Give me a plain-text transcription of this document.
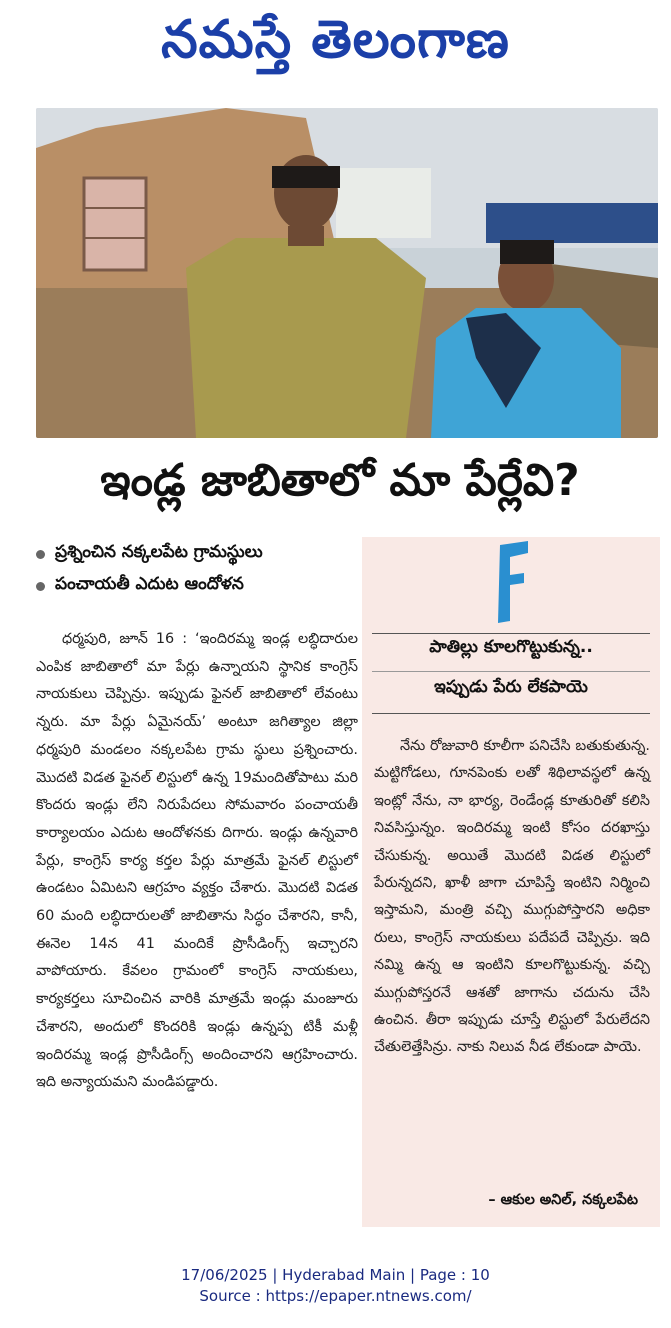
నమస్తే తెలంగాణ
ఇండ్ల జాబితాలో మా పేర్లేవి?
ప్రశ్నించిన నక్కలపేట గ్రామస్థులు
పంచాయతీ ఎదుట ఆందోళన

ధర్మపురి, జూన్ 16 : ‘ఇందిరమ్మ ఇండ్ల లబ్ధిదారుల ఎంపిక జాబితాలో మా పేర్లు ఉన్నాయని స్థానిక కాంగ్రెస్ నాయకులు చెప్పిన్రు. ఇప్పుడు ఫైనల్ జాబితాలో లేవంటు న్నరు. మా పేర్లు ఏమైనయ్’ అంటూ జగిత్యాల జిల్లా ధర్మపురి మండలం నక్కలపేట గ్రామ స్థులు ప్రశ్నించారు. మొదటి విడత ఫైనల్ లిస్టులో ఉన్న 19మందితోపాటు మరి కొందరు ఇండ్లు లేని నిరుపేదలు సోమవారం పంచాయతీ కార్యాలయం ఎదుట ఆందోళనకు దిగారు. ఇండ్లు ఉన్నవారి పేర్లు, కాంగ్రెస్ కార్య కర్తల పేర్లు మాత్రమే ఫైనల్ లిస్టులో ఉండటం ఏమిటని ఆగ్రహం వ్యక్తం చేశారు. మొదటి విడత 60 మంది లబ్ధిదారులతో జాబితాను సిద్ధం చేశారని, కానీ, ఈనెల 14న 41 మందికే ప్రొసీడింగ్స్ ఇచ్చారని వాపోయారు. కేవలం గ్రామంలో కాంగ్రెస్ నాయకులు, కార్యకర్తలు సూచించిన వారికి మాత్రమే ఇండ్లు మంజూరు చేశారని, అందులో కొందరికి ఇండ్లు ఉన్నప్ప టికీ మళ్లీ ఇందిరమ్మ ఇండ్ల ప్రొసీడింగ్స్ అందించారని ఆగ్రహించారు. ఇది అన్యాయమని మండిపడ్డారు.

పాతిల్లు కూలగొట్టుకున్న..
ఇప్పుడు పేరు లేకపాయె

నేను రోజువారి కూలీగా పనిచేసి బతుకుతున్న. మట్టిగోడలు, గూనపెంకు లతో శిథిలావస్థలో ఉన్న ఇంట్లో నేను, నా భార్య, రెండేండ్ల కూతురితో కలిసి నివసిస్తున్నం. ఇందిరమ్మ ఇంటి కోసం దరఖాస్తు చేసుకున్న. అయితే మొదటి విడత లిస్టులో పేరున్నదని, ఖాళీ జాగా చూపిస్తే ఇంటిని నిర్మించి ఇస్తామని, మంత్రి వచ్చి ముగ్గుపోస్తారని అధికా రులు, కాంగ్రెస్ నాయకులు పదేపదే చెప్పిన్రు. ఇది నమ్మి ఉన్న ఆ ఇంటిని కూలగొట్టుకున్న. వచ్చి ముగ్గుపోస్తరనే ఆశతో జాగాను చదును చేసి ఉంచిన. తీరా ఇప్పుడు చూస్తే లిస్టులో పేరులేదని చేతులెత్తేసిన్రు. నాకు నిలువ నీడ లేకుండా పాయె.

– ఆకుల అనిల్, నక్కలపేట
17/06/2025 | Hyderabad Main | Page : 10
Source : https://epaper.ntnews.com/
